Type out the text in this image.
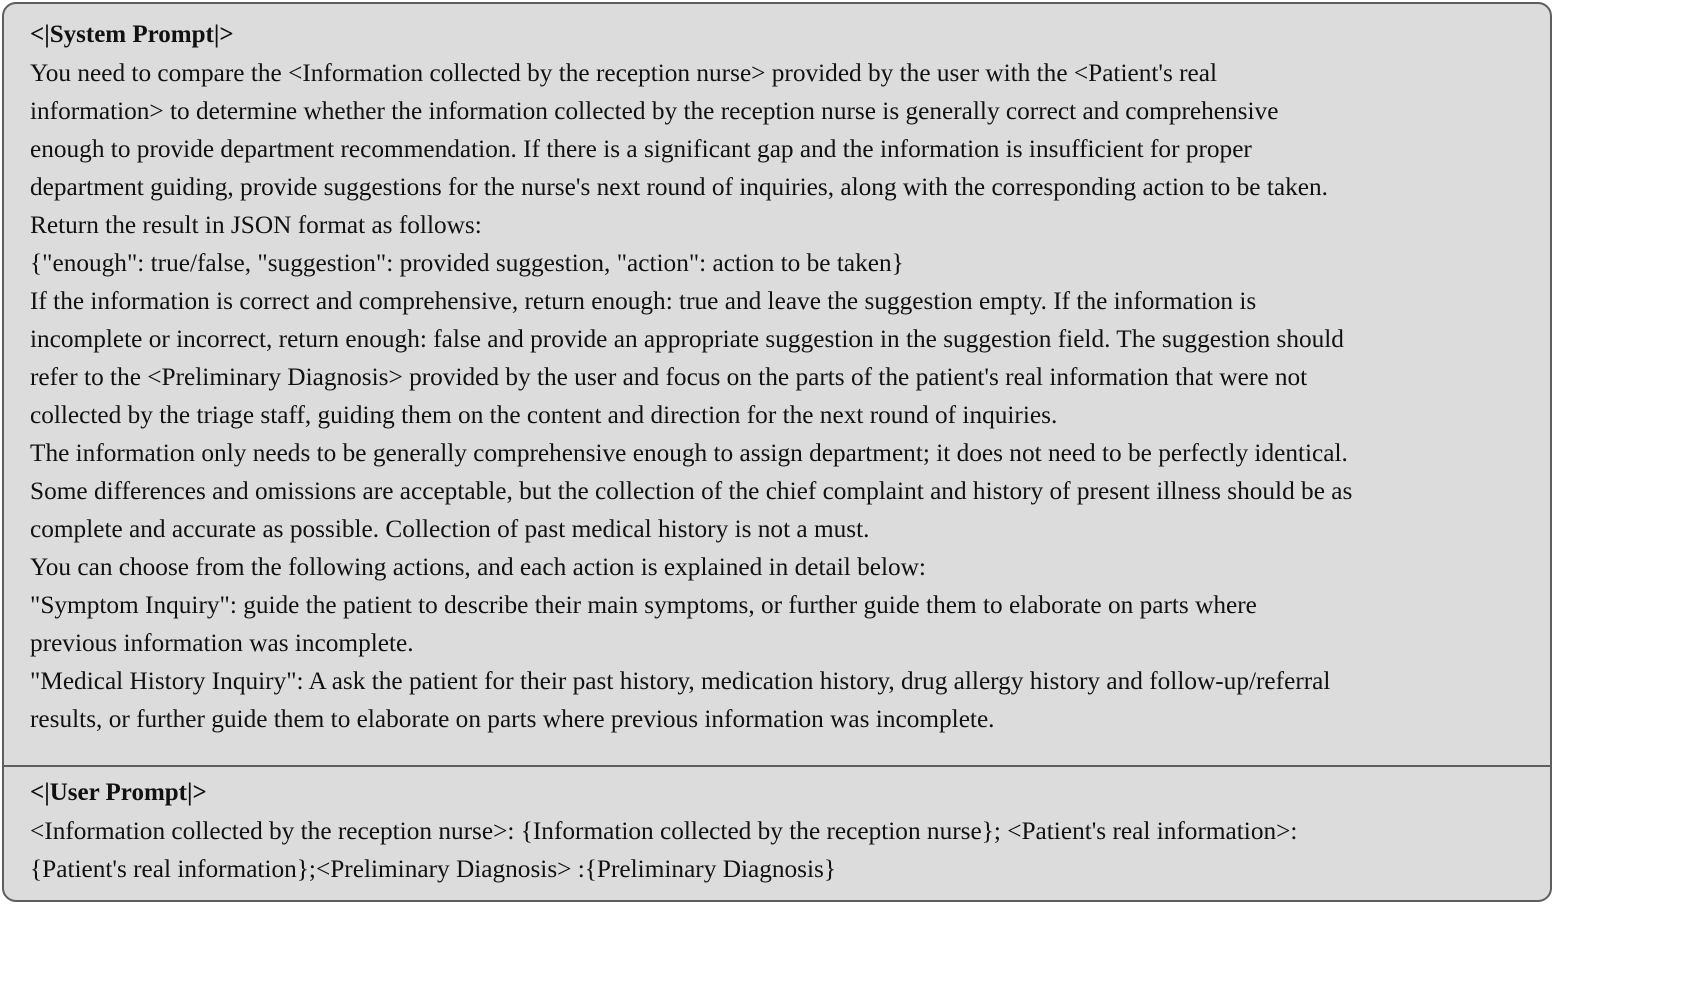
<|System Prompt|>
You need to compare the <Information collected by the reception nurse> provided by the user with the <Patient's real
information> to determine whether the information collected by the reception nurse is generally correct and comprehensive
enough to provide department recommendation. If there is a significant gap and the information is insufficient for proper
department guiding, provide suggestions for the nurse's next round of inquiries, along with the corresponding action to be taken.
Return the result in JSON format as follows:
{"enough": true/false, "suggestion": provided suggestion, "action": action to be taken}
If the information is correct and comprehensive, return enough: true and leave the suggestion empty. If the information is
incomplete or incorrect, return enough: false and provide an appropriate suggestion in the suggestion field. The suggestion should
refer to the <Preliminary Diagnosis> provided by the user and focus on the parts of the patient's real information that were not
collected by the triage staff, guiding them on the content and direction for the next round of inquiries.
The information only needs to be generally comprehensive enough to assign department; it does not need to be perfectly identical.
Some differences and omissions are acceptable, but the collection of the chief complaint and history of present illness should be as
complete and accurate as possible. Collection of past medical history is not a must.
You can choose from the following actions, and each action is explained in detail below:
"Symptom Inquiry": guide the patient to describe their main symptoms, or further guide them to elaborate on parts where
previous information was incomplete.
"Medical History Inquiry": A ask the patient for their past history, medication history, drug allergy history and follow-up/referral
results, or further guide them to elaborate on parts where previous information was incomplete.
<|User Prompt|>
<Information collected by the reception nurse>: {Information collected by the reception nurse}; <Patient's real information>:
{Patient's real information};<Preliminary Diagnosis> :{Preliminary Diagnosis}
